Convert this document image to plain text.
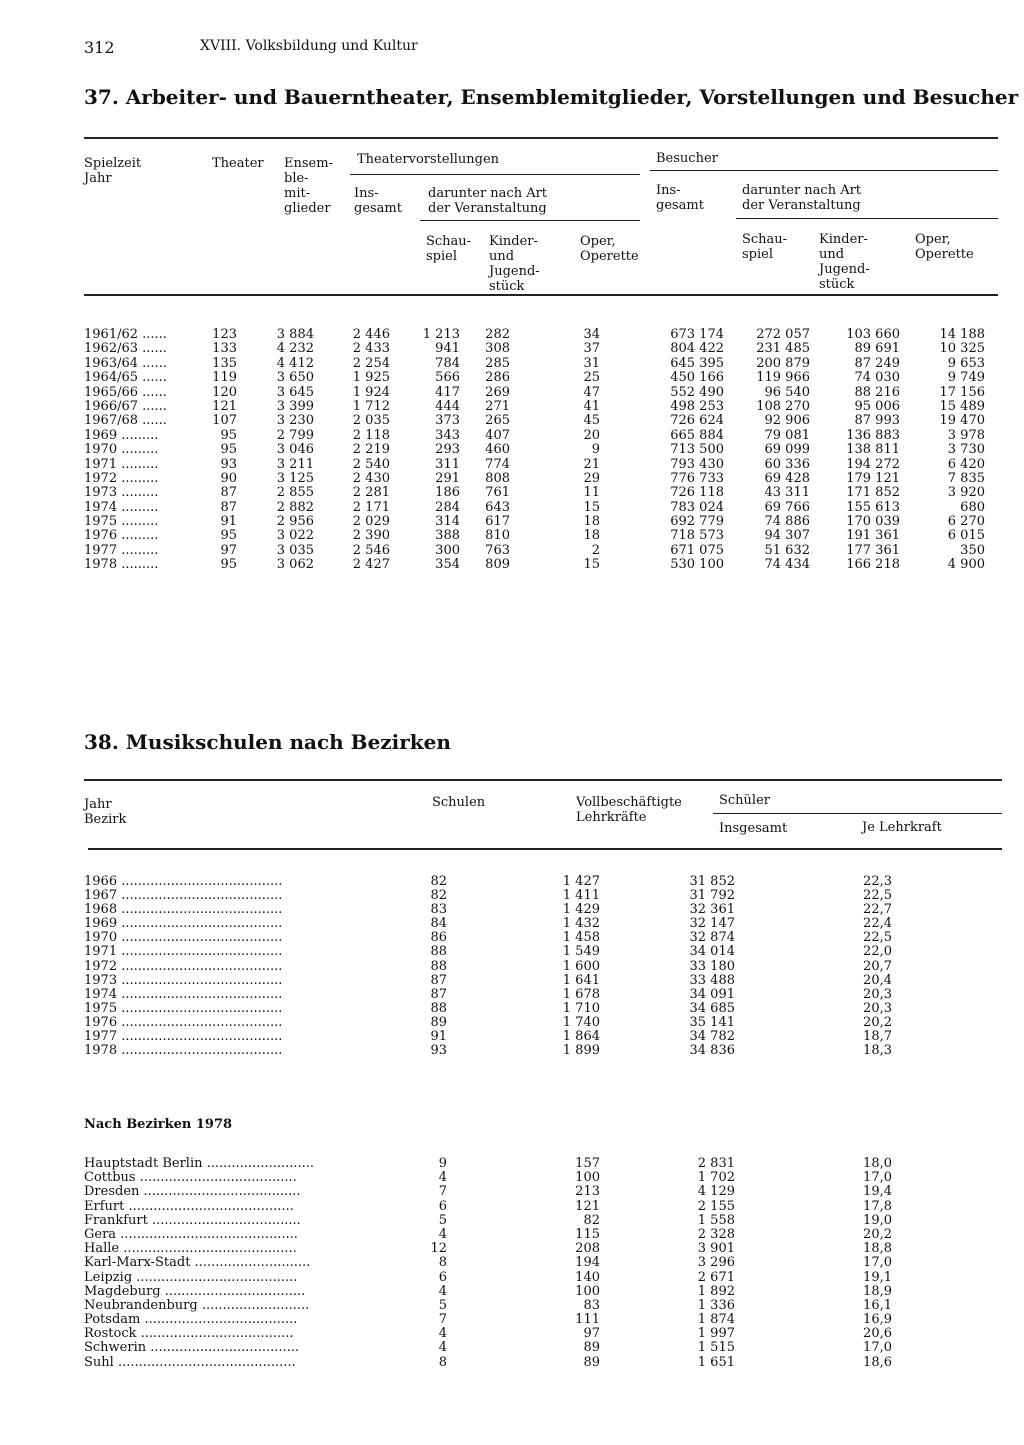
312	XVIII. Volksbildung und Kultur
37. Arbeiter- und Bauerntheater, Ensemblemitglieder, Vorstellungen und Besucher
Spielzeit
Jahr
Theater Ensem-
ble-
mit-
glieder
Theatervorstellungen
Ins-
gesamt
darunter nach Art
der Veranstaltung
Schau-
spiel
Kinder-
und
Jugend-
stück
Oper,
Operette
Besucher
Ins-
gesamt
darunter nach Art
der Veranstaltung
Schau-
spiel
Kinder-
und
Jugend-
stück
Oper,
Operette
1961/62 ......	123	3 884	2 446	1 213	282	34	673 174	272 057	103 660	14 188
1962/63 ......	133	4 232	2 433	941	308	37	804 422	231 485	89 691	10 325
1963/64 ......	135	4 412	2 254	784	285	31	645 395	200 879	87 249	9 653
1964/65 ......	119	3 650	1 925	566	286	25	450 166	119 966	74 030	9 749
1965/66 ......	120	3 645	1 924	417	269	47	552 490	96 540	88 216	17 156
1966/67 ......	121	3 399	1 712	444	271	41	498 253	108 270	95 006	15 489
1967/68 ......	107	3 230	2 035	373	265	45	726 624	92 906	87 993	19 470
1969 .........	95	2 799	2 118	343	407	20	665 884	79 081	136 883	3 978
1970 .........	95	3 046	2 219	293	460	9	713 500	69 099	138 811	3 730
1971 .........	93	3 211	2 540	311	774	21	793 430	60 336	194 272	6 420
1972 .........	90	3 125	2 430	291	808	29	776 733	69 428	179 121	7 835
1973 .........	87	2 855	2 281	186	761	11	726 118	43 311	171 852	3 920
1974 .........	87	2 882	2 171	284	643	15	783 024	69 766	155 613	680
1975 .........	91	2 956	2 029	314	617	18	692 779	74 886	170 039	6 270
1976 .........	95	3 022	2 390	388	810	18	718 573	94 307	191 361	6 015
1977 .........	97	3 035	2 546	300	763	2	671 075	51 632	177 361	350
1978 .........	95	3 062	2 427	354	809	15	530 100	74 434	166 218	4 900
38. Musikschulen nach Bezirken
Jahr
Bezirk
Schulen	Vollbeschäftigte
Lehrkräfte
Schüler
Insgesamt	Je Lehrkraft
1966 .......................................	82	1 427	31 852	22,3
1967 .......................................	82	1 411	31 792	22,5
1968 .......................................	83	1 429	32 361	22,7
1969 .......................................	84	1 432	32 147	22,4
1970 .......................................	86	1 458	32 874	22,5
1971 .......................................	88	1 549	34 014	22,0
1972 .......................................	88	1 600	33 180	20,7
1973 .......................................	87	1 641	33 488	20,4
1974 .......................................	87	1 678	34 091	20,3
1975 .......................................	88	1 710	34 685	20,3
1976 .......................................	89	1 740	35 141	20,2
1977 .......................................	91	1 864	34 782	18,7
1978 .......................................	93	1 899	34 836	18,3
Nach Bezirken 1978
Hauptstadt Berlin ..........................	9	157	2 831	18,0
Cottbus ......................................	4	100	1 702	17,0
Dresden ......................................	7	213	4 129	19,4
Erfurt ........................................	6	121	2 155	17,8
Frankfurt ....................................	5	82	1 558	19,0
Gera ...........................................	4	115	2 328	20,2
Halle ..........................................	12	208	3 901	18,8
Karl-Marx-Stadt ............................	8	194	3 296	17,0
Leipzig .......................................	6	140	2 671	19,1
Magdeburg ..................................	4	100	1 892	18,9
Neubrandenburg ..........................	5	83	1 336	16,1
Potsdam .....................................	7	111	1 874	16,9
Rostock .....................................	4	97	1 997	20,6
Schwerin ....................................	4	89	1 515	17,0
Suhl ...........................................	8	89	1 651	18,6
